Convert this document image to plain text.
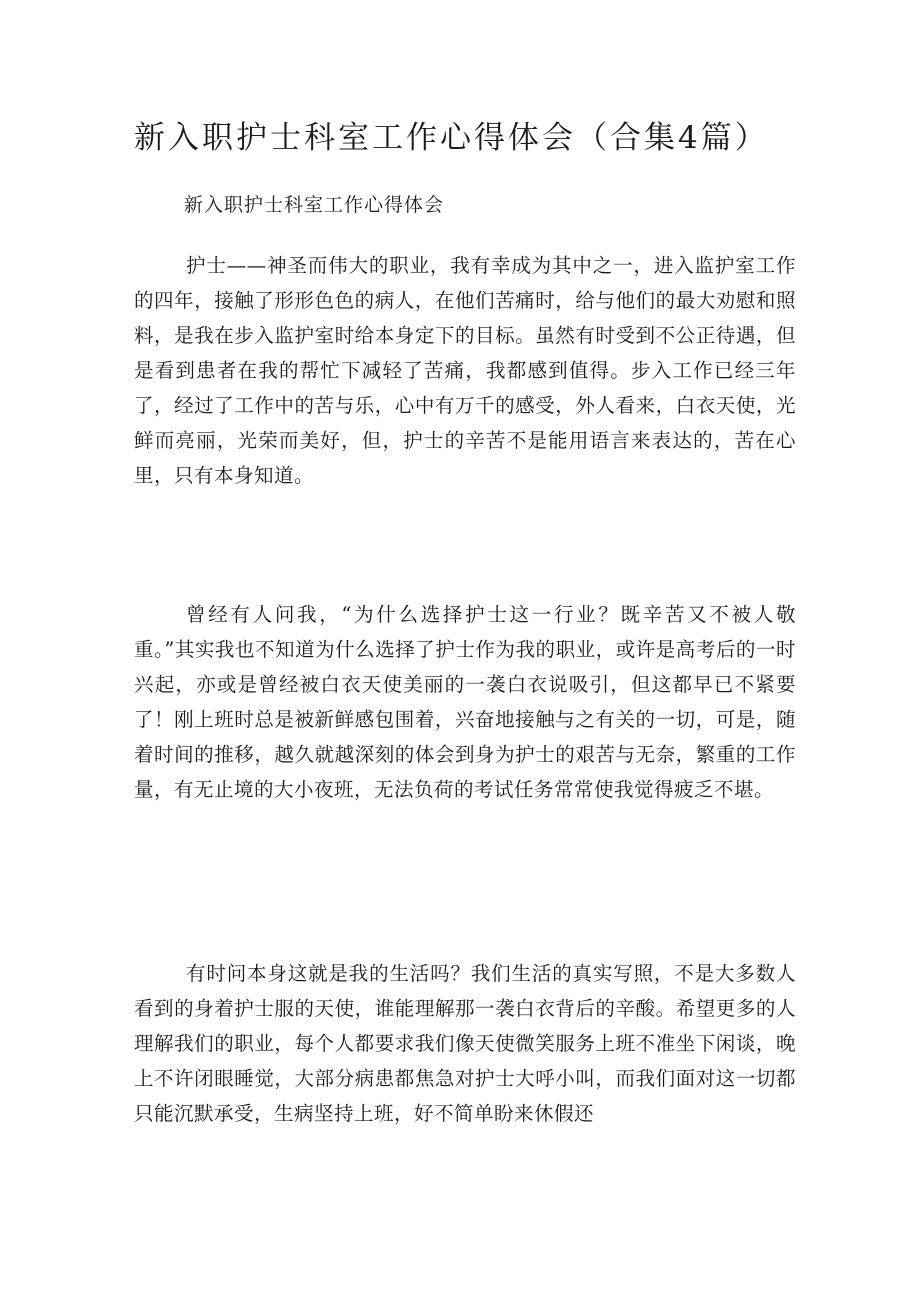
新入职护士科室工作心得体会（合集4篇）

新入职护士科室工作心得体会

护士——神圣而伟大的职业，我有幸成为其中之一，进入监护室工作的四年，接触了形形色色的病人，在他们苦痛时，给与他们的最大劝慰和照料，是我在步入监护室时给本身定下的目标。虽然有时受到不公正待遇，但是看到患者在我的帮忙下减轻了苦痛，我都感到值得。步入工作已经三年了，经过了工作中的苦与乐，心中有万千的感受，外人看来，白衣天使，光鲜而亮丽，光荣而美好，但，护士的辛苦不是能用语言来表达的，苦在心里，只有本身知道。

曾经有人问我，“为什么选择护士这一行业？既辛苦又不被人敬重。”其实我也不知道为什么选择了护士作为我的职业，或许是高考后的一时兴起，亦或是曾经被白衣天使美丽的一袭白衣说吸引，但这都早已不紧要了！刚上班时总是被新鲜感包围着，兴奋地接触与之有关的一切，可是，随着时间的推移，越久就越深刻的体会到身为护士的艰苦与无奈，繁重的工作量，有无止境的大小夜班，无法负荷的考试任务常常使我觉得疲乏不堪。

有时问本身这就是我的生活吗？我们生活的真实写照，不是大多数人看到的身着护士服的天使，谁能理解那一袭白衣背后的辛酸。希望更多的人理解我们的职业，每个人都要求我们像天使微笑服务上班不准坐下闲谈，晚上不许闭眼睡觉，大部分病患都焦急对护士大呼小叫，而我们面对这一切都只能沉默承受，生病坚持上班，好不简单盼来休假还
